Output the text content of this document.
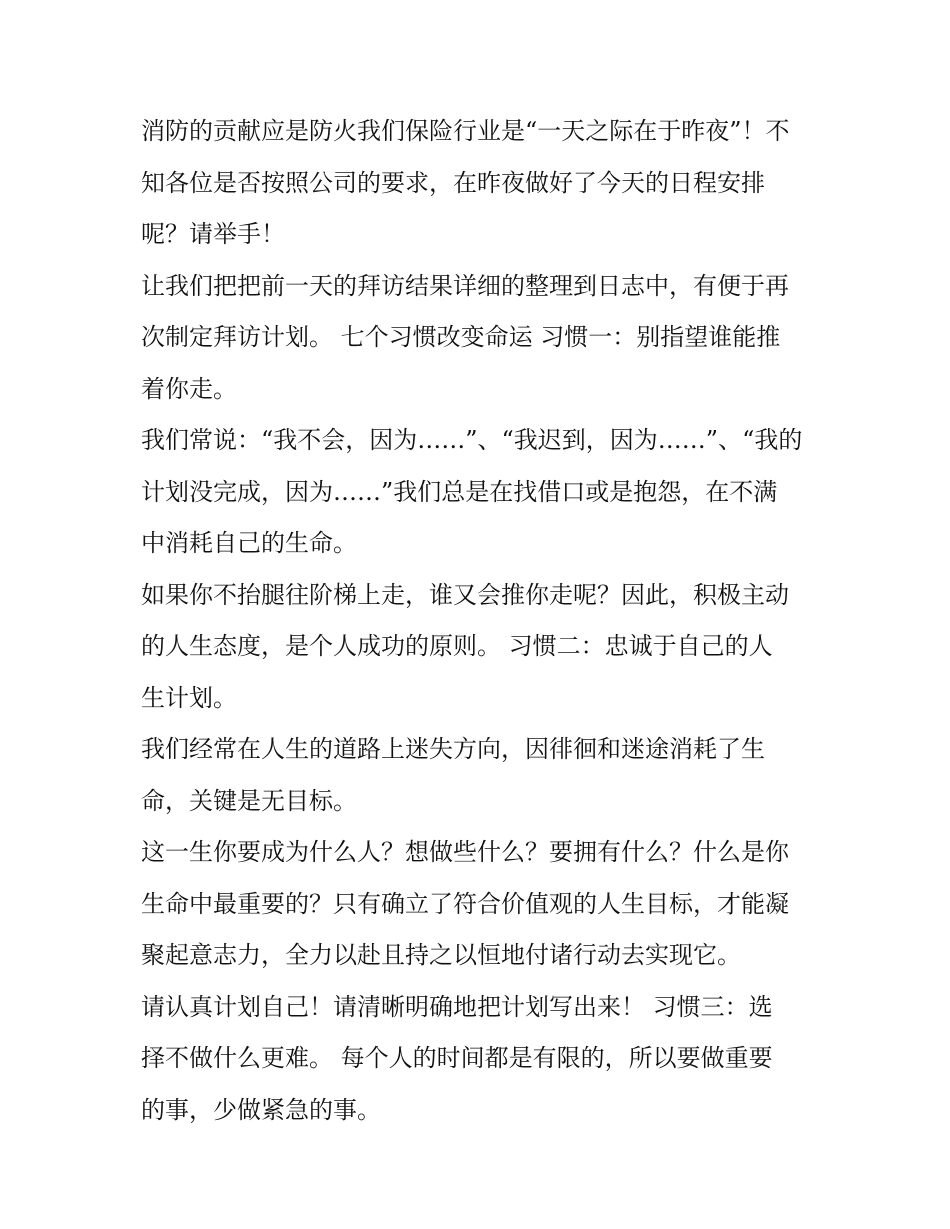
消防的贡献应是防火我们保险行业是“一天之际在于昨夜”！不
知各位是否按照公司的要求，在昨夜做好了今天的日程安排
呢？请举手！
让我们把把前一天的拜访结果详细的整理到日志中，有便于再
次制定拜访计划。 七个习惯改变命运 习惯一：别指望谁能推
着你走。
我们常说：“我不会，因为……”、“我迟到，因为……”、“我的
计划没完成，因为……”我们总是在找借口或是抱怨，在不满
中消耗自己的生命。
如果你不抬腿往阶梯上走，谁又会推你走呢？因此，积极主动
的人生态度，是个人成功的原则。 习惯二：忠诚于自己的人
生计划。
我们经常在人生的道路上迷失方向，因徘徊和迷途消耗了生
命，关键是无目标。
这一生你要成为什么人？想做些什么？要拥有什么？什么是你
生命中最重要的？只有确立了符合价值观的人生目标，才能凝
聚起意志力，全力以赴且持之以恒地付诸行动去实现它。
请认真计划自己！请清晰明确地把计划写出来！ 习惯三：选
择不做什么更难。 每个人的时间都是有限的，所以要做重要
的事，少做紧急的事。
